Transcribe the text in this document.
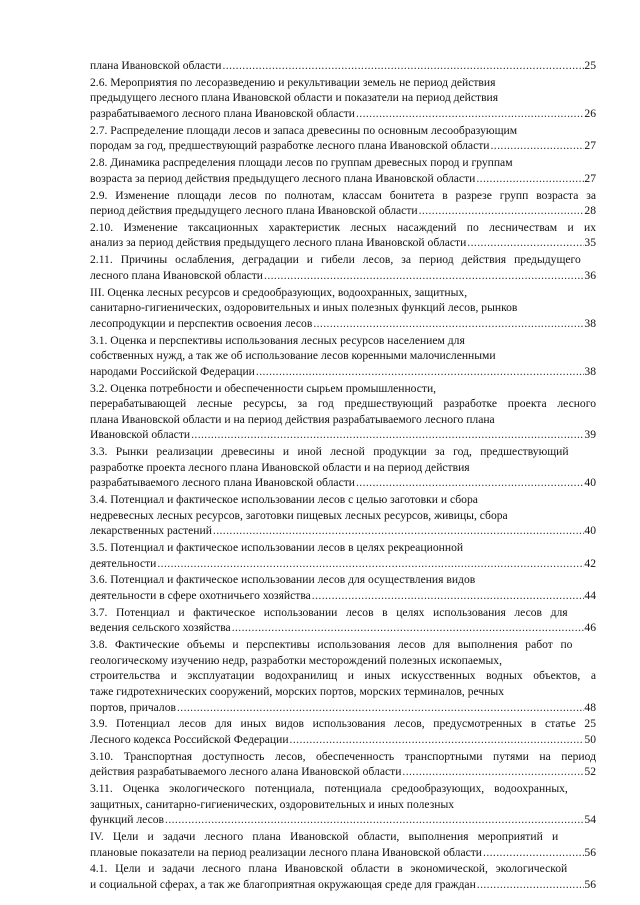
плана Ивановской области .....	25
2.6. Мероприятия по лесоразведению и рекультивации земель не период действия
предыдущего лесного плана Ивановской области и показатели на период действия
разрабатываемого лесного плана Ивановской области .....	26
2.7. Распределение площади лесов и запаса древесины по основным лесообразующим
породам за год, предшествующий разработке лесного плана Ивановской области .....	27
2.8. Динамика распределения площади лесов по группам древесных пород и группам
возраста за период действия предыдущего лесного плана Ивановской области .....	27
2.9. Изменение площади лесов по полнотам, классам бонитета в разрезе групп возраста за
период действия предыдущего лесного плана Ивановской области .....	28
2.10. Изменение таксационных характеристик лесных насаждений по лесничествам и их
анализ за период действия предыдущего лесного плана Ивановской области .....	35
2.11. Причины ослабления, деградации и гибели лесов, за период действия предыдущего
лесного плана Ивановской области .....	36
III. Оценка лесных ресурсов и средообразующих, водоохранных, защитных,
санитарно-гигиенических, оздоровительных и иных полезных функций лесов, рынков
лесопродукции и перспектив освоения лесов .....	38
3.1. Оценка и перспективы использования лесных ресурсов населением для
собственных нужд, а так же об использование лесов коренными малочисленными
народами Российской Федерации .....	38
3.2. Оценка потребности и обеспеченности сырьем промышленности,
перерабатывающей лесные ресурсы, за год предшествующий разработке проекта лесного
плана Ивановской области и на период действия разрабатываемого лесного плана
Ивановской области .....	39
3.3. Рынки реализации древесины и иной лесной продукции за год, предшествующий
разработке проекта лесного плана Ивановской области и на период действия
разрабатываемого лесного плана Ивановской области .....	40
3.4. Потенциал и фактическое использовании лесов с целью заготовки и сбора
недревесных лесных ресурсов, заготовки пищевых лесных ресурсов, живицы, сбора
лекарственных растений .....	40
3.5. Потенциал и фактическое использовании лесов в целях рекреационной
деятельности .....	42
3.6. Потенциал и фактическое использовании лесов для осуществления видов
деятельности в сфере охотничьего хозяйства .....	44
3.7. Потенциал и фактическое использовании лесов в целях использования лесов для
ведения сельского хозяйства .....	46
3.8. Фактические объемы и перспективы использования лесов для выполнения работ по
геологическому изучению недр, разработки месторождений полезных ископаемых,
строительства и эксплуатации водохранилищ и иных искусственных водных объектов, а
таже гидротехнических сооружений, морских портов, морских терминалов, речных
портов, причалов .....	48
3.9. Потенциал лесов для иных видов использования лесов, предусмотренных в статье 25
Лесного кодекса Российской Федерации .....	50
3.10. Транспортная доступность лесов, обеспеченность транспортными путями на период
действия разрабатываемого лесного алана Ивановской области .....	52
3.11. Оценка экологического потенциала, потенциала средообразующих, водоохранных,
защитных, санитарно-гигиенических, оздоровительных и иных полезных
функций лесов .....	54
IV. Цели и задачи лесного плана Ивановской области, выполнения мероприятий и
плановые показатели на период реализации лесного плана Ивановской области .....	56
4.1. Цели и задачи лесного плана Ивановской области в экономической, экологической
и социальной сферах, а так же благоприятная окружающая среде для граждан .....	56
